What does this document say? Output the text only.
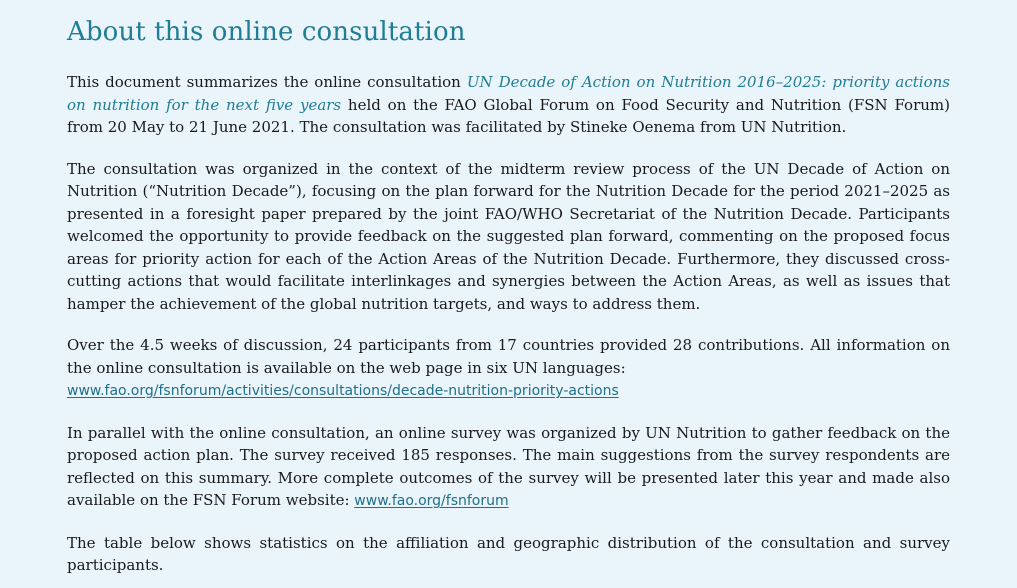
About this online consultation

This document summarizes the online consultation UN Decade of Action on Nutrition 2016–2025: priority actions on nutrition for the next five years held on the FAO Global Forum on Food Security and Nutrition (FSN Forum) from 20 May to 21 June 2021. The consultation was facilitated by Stineke Oenema from UN Nutrition.

The consultation was organized in the context of the midterm review process of the UN Decade of Action on Nutrition (“Nutrition Decade”), focusing on the plan forward for the Nutrition Decade for the period 2021–2025 as presented in a foresight paper prepared by the joint FAO/WHO Secretariat of the Nutrition Decade. Participants welcomed the opportunity to provide feedback on the suggested plan forward, commenting on the proposed focus areas for priority action for each of the Action Areas of the Nutrition Decade. Furthermore, they discussed cross-cutting actions that would facilitate interlinkages and synergies between the Action Areas, as well as issues that hamper the achievement of the global nutrition targets, and ways to address them.

Over the 4.5 weeks of discussion, 24 participants from 17 countries provided 28 contributions. All information on the online consultation is available on the web page in six UN languages:
www.fao.org/fsnforum/activities/consultations/decade-nutrition-priority-actions

In parallel with the online consultation, an online survey was organized by UN Nutrition to gather feedback on the proposed action plan. The survey received 185 responses. The main suggestions from the survey respondents are reflected on this summary. More complete outcomes of the survey will be presented later this year and made also available on the FSN Forum website: www.fao.org/fsnforum

The table below shows statistics on the affiliation and geographic distribution of the consultation and survey participants.
